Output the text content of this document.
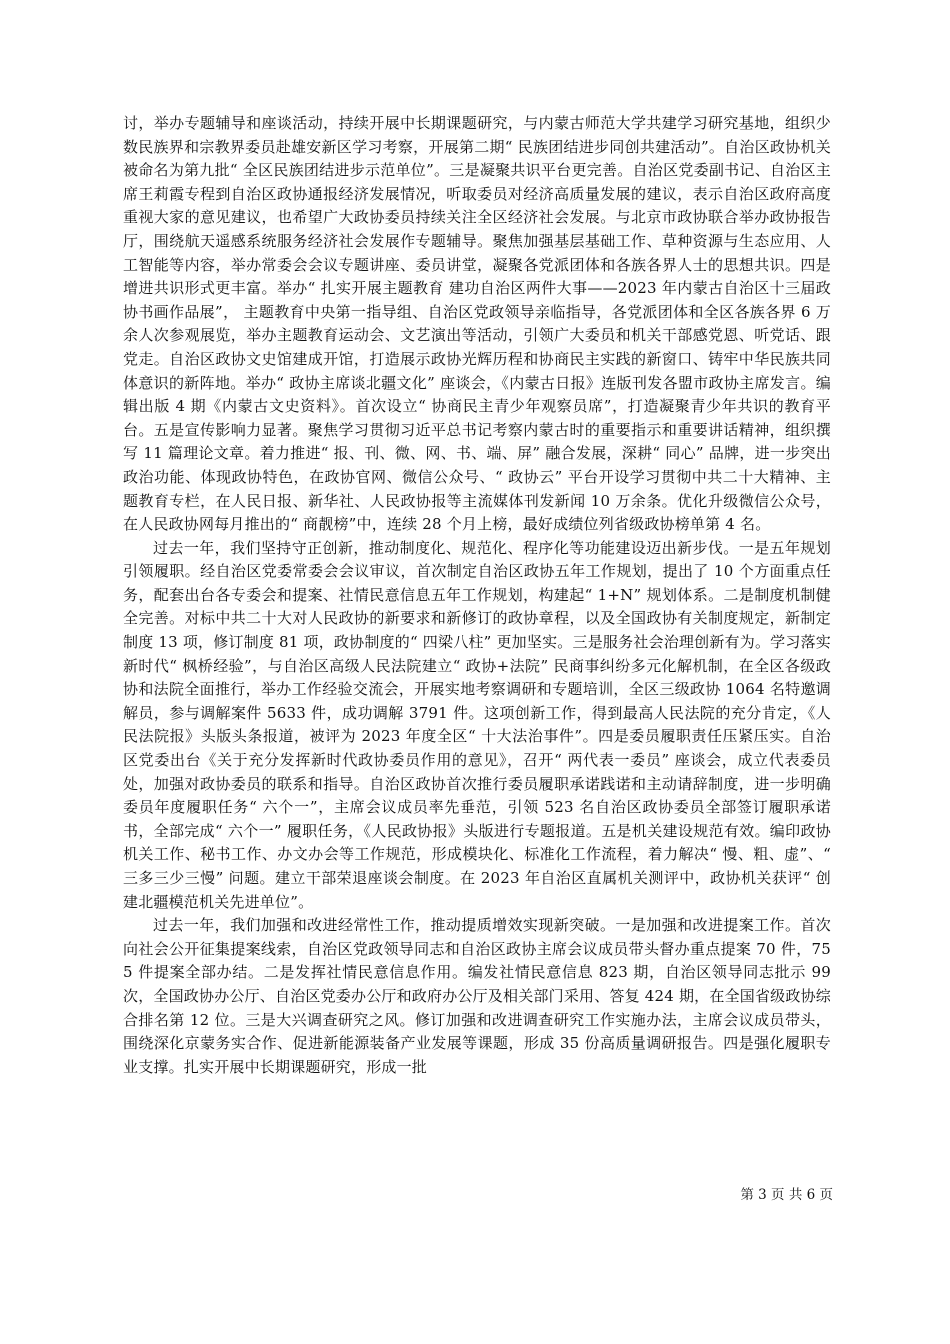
讨，举办专题辅导和座谈活动，持续开展中长期课题研究，与内蒙古师范大学共建学习研究基地，组织少数民族界和宗教界委员赴雄安新区学习考察，开展第二期“ 民族团结进步同创共建活动”。自治区政协机关被命名为第九批“ 全区民族团结进步示范单位”。三是凝聚共识平台更完善。自治区党委副书记、自治区主席王莉霞专程到自治区政协通报经济发展情况，听取委员对经济高质量发展的建议，表示自治区政府高度重视大家的意见建议，也希望广大政协委员持续关注全区经济社会发展。与北京市政协联合举办政协报告厅，围绕航天遥感系统服务经济社会发展作专题辅导。聚焦加强基层基础工作、草种资源与生态应用、人工智能等内容，举办常委会会议专题讲座、委员讲堂，凝聚各党派团体和各族各界人士的思想共识。四是增进共识形式更丰富。举办“ 扎实开展主题教育 建功自治区两件大事——2023 年内蒙古自治区十三届政协书画作品展”， 主题教育中央第一指导组、自治区党政领导亲临指导，各党派团体和全区各族各界 6 万余人次参观展览，举办主题教育运动会、文艺演出等活动，引领广大委员和机关干部感党恩、听党话、跟党走。自治区政协文史馆建成开馆，打造展示政协光辉历程和协商民主实践的新窗口、铸牢中华民族共同体意识的新阵地。举办“ 政协主席谈北疆文化” 座谈会，《内蒙古日报》连版刊发各盟市政协主席发言。编辑出版 4 期《内蒙古文史资料》。首次设立“ 协商民主青少年观察员席”，打造凝聚青少年共识的教育平台。五是宣传影响力显著。聚焦学习贯彻习近平总书记考察内蒙古时的重要指示和重要讲话精神，组织撰写 11 篇理论文章。着力推进“ 报、刊、微、网、书、端、屏” 融合发展，深耕“ 同心” 品牌，进一步突出政治功能、体现政协特色，在政协官网、微信公众号、“ 政协云” 平台开设学习贯彻中共二十大精神、主题教育专栏，在人民日报、新华社、人民政协报等主流媒体刊发新闻 10 万余条。优化升级微信公众号，在人民政协网每月推出的“ 商靓榜”中，连续 28 个月上榜，最好成绩位列省级政协榜单第 4 名。

过去一年，我们坚持守正创新，推动制度化、规范化、程序化等功能建设迈出新步伐。一是五年规划引领履职。经自治区党委常委会会议审议，首次制定自治区政协五年工作规划，提出了 10 个方面重点任务，配套出台各专委会和提案、社情民意信息五年工作规划，构建起“ 1+N” 规划体系。二是制度机制健全完善。对标中共二十大对人民政协的新要求和新修订的政协章程，以及全国政协有关制度规定，新制定制度 13 项，修订制度 81 项，政协制度的“ 四梁八柱” 更加坚实。三是服务社会治理创新有为。学习落实新时代“ 枫桥经验”，与自治区高级人民法院建立“ 政协+法院” 民商事纠纷多元化解机制，在全区各级政协和法院全面推行，举办工作经验交流会，开展实地考察调研和专题培训，全区三级政协 1064 名特邀调解员，参与调解案件 5633 件，成功调解 3791 件。这项创新工作，得到最高人民法院的充分肯定，《人民法院报》头版头条报道，被评为 2023 年度全区“ 十大法治事件”。四是委员履职责任压紧压实。自治区党委出台《关于充分发挥新时代政协委员作用的意见》，召开“ 两代表一委员” 座谈会，成立代表委员处，加强对政协委员的联系和指导。自治区政协首次推行委员履职承诺践诺和主动请辞制度，进一步明确委员年度履职任务“ 六个一”，主席会议成员率先垂范，引领 523 名自治区政协委员全部签订履职承诺书，全部完成“ 六个一” 履职任务，《人民政协报》头版进行专题报道。五是机关建设规范有效。编印政协机关工作、秘书工作、办文办会等工作规范，形成模块化、标准化工作流程，着力解决“ 慢、粗、虚”、“ 三多三少三慢” 问题。建立干部荣退座谈会制度。在 2023 年自治区直属机关测评中，政协机关获评“ 创建北疆模范机关先进单位”。

过去一年，我们加强和改进经常性工作，推动提质增效实现新突破。一是加强和改进提案工作。首次向社会公开征集提案线索，自治区党政领导同志和自治区政协主席会议成员带头督办重点提案 70 件，755 件提案全部办结。二是发挥社情民意信息作用。编发社情民意信息 823 期，自治区领导同志批示 99 次，全国政协办公厅、自治区党委办公厅和政府办公厅及相关部门采用、答复 424 期，在全国省级政协综合排名第 12 位。三是大兴调查研究之风。修订加强和改进调查研究工作实施办法，主席会议成员带头，围绕深化京蒙务实合作、促进新能源装备产业发展等课题，形成 35 份高质量调研报告。四是强化履职专业支撑。扎实开展中长期课题研究，形成一批

第 3 页 共 6 页
